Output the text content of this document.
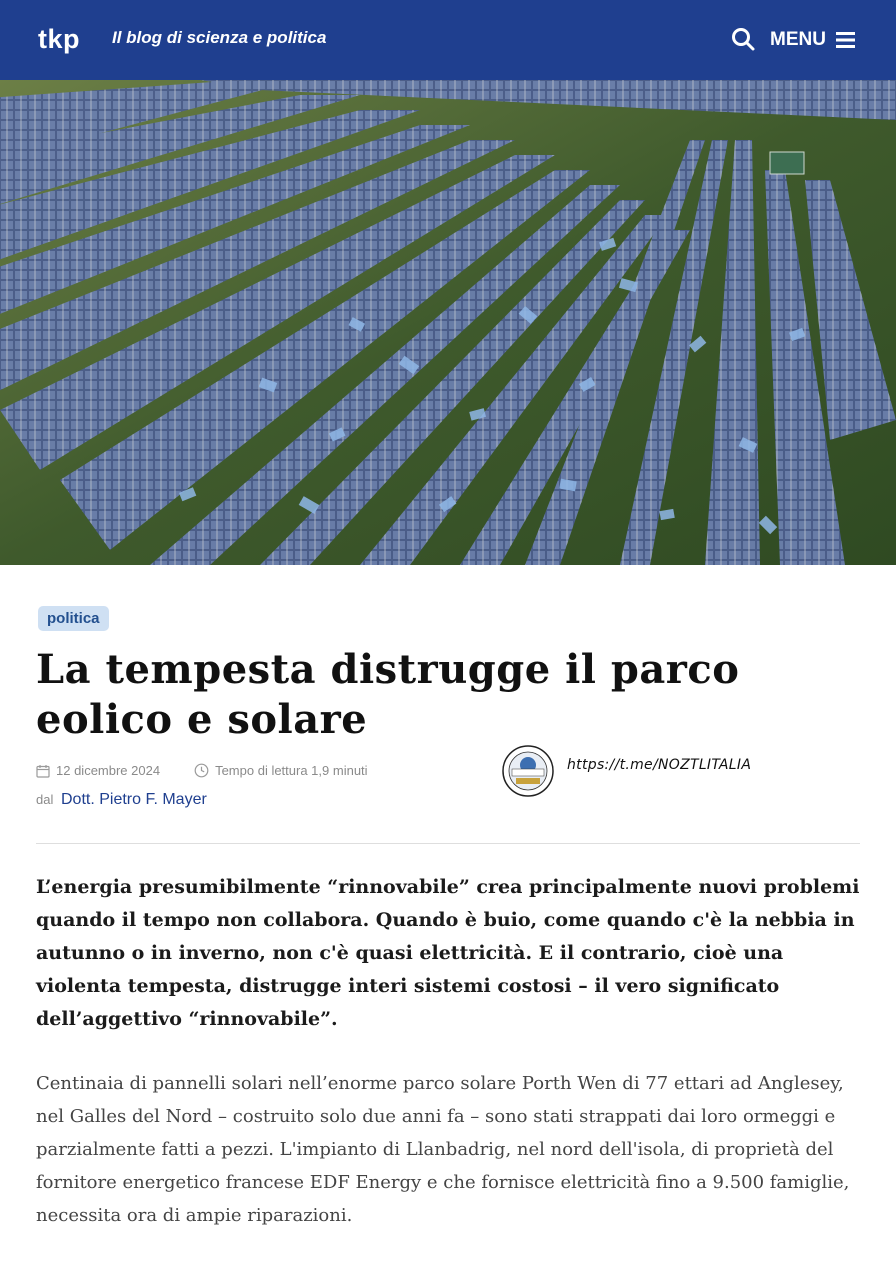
tkp	Il blog di scienza e politica	MENU
politica
La tempesta distrugge il parco eolico e solare
12 dicembre 2024	Tempo di lettura 1,9 minuti
dal Dott. Pietro F. Mayer
https://t.me/NOZTLITALIA

L’energia presumibilmente “rinnovabile” crea principalmente nuovi problemi quando il tempo non collabora. Quando è buio, come quando c'è la nebbia in autunno o in inverno, non c'è quasi elettricità. E il contrario, cioè una violenta tempesta, distrugge interi sistemi costosi – il vero significato dell’aggettivo “rinnovabile”.

Centinaia di pannelli solari nell’enorme parco solare Porth Wen di 77 ettari ad Anglesey, nel Galles del Nord – costruito solo due anni fa – sono stati strappati dai loro ormeggi e parzialmente fatti a pezzi. L'impianto di Llanbadrig, nel nord dell'isola, di proprietà del fornitore energetico francese EDF Energy e che fornisce elettricità fino a 9.500 famiglie, necessita ora di ampie riparazioni.
